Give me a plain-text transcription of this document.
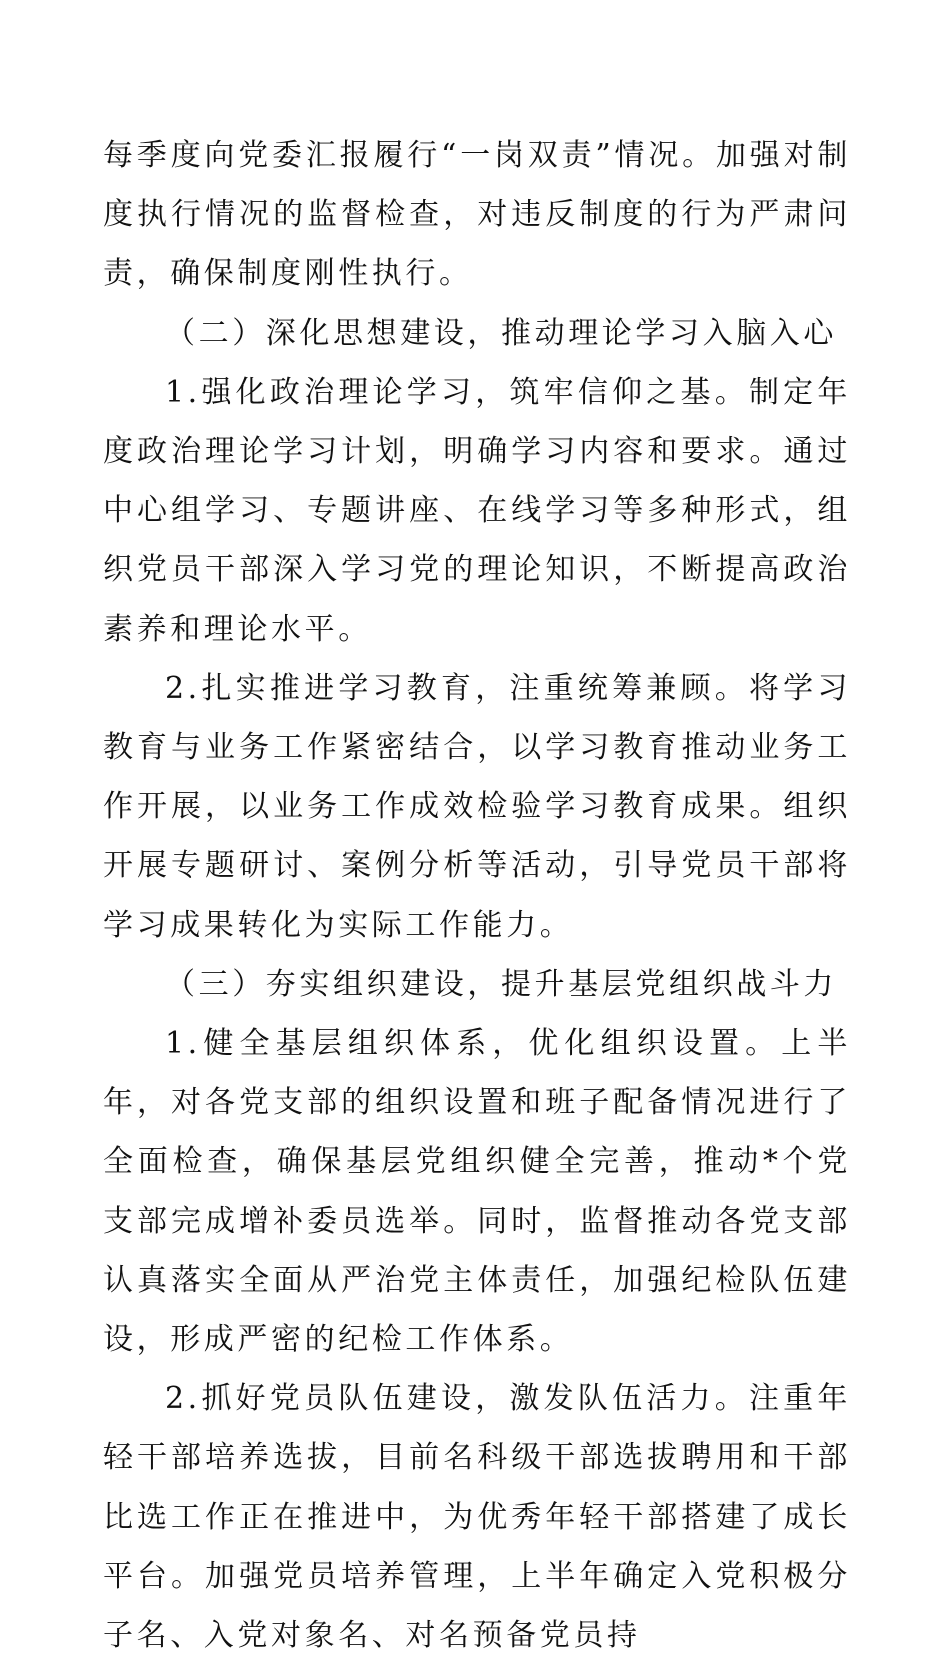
每季度向党委汇报履行“一岗双责”情况。加强对制度执行情况的监督检查，对违反制度的行为严肃问责，确保制度刚性执行。

（二）深化思想建设，推动理论学习入脑入心

1.强化政治理论学习，筑牢信仰之基。制定年度政治理论学习计划，明确学习内容和要求。通过中心组学习、专题讲座、在线学习等多种形式，组织党员干部深入学习党的理论知识，不断提高政治素养和理论水平。

2.扎实推进学习教育，注重统筹兼顾。将学习教育与业务工作紧密结合，以学习教育推动业务工作开展，以业务工作成效检验学习教育成果。组织开展专题研讨、案例分析等活动，引导党员干部将学习成果转化为实际工作能力。

（三）夯实组织建设，提升基层党组织战斗力

1.健全基层组织体系，优化组织设置。上半年，对各党支部的组织设置和班子配备情况进行了全面检查，确保基层党组织健全完善，推动*个党支部完成增补委员选举。同时，监督推动各党支部认真落实全面从严治党主体责任，加强纪检队伍建设，形成严密的纪检工作体系。

2.抓好党员队伍建设，激发队伍活力。注重年轻干部培养选拔，目前名科级干部选拔聘用和干部比选工作正在推进中，为优秀年轻干部搭建了成长平台。加强党员培养管理，上半年确定入党积极分子名、入党对象名、对名预备党员持
